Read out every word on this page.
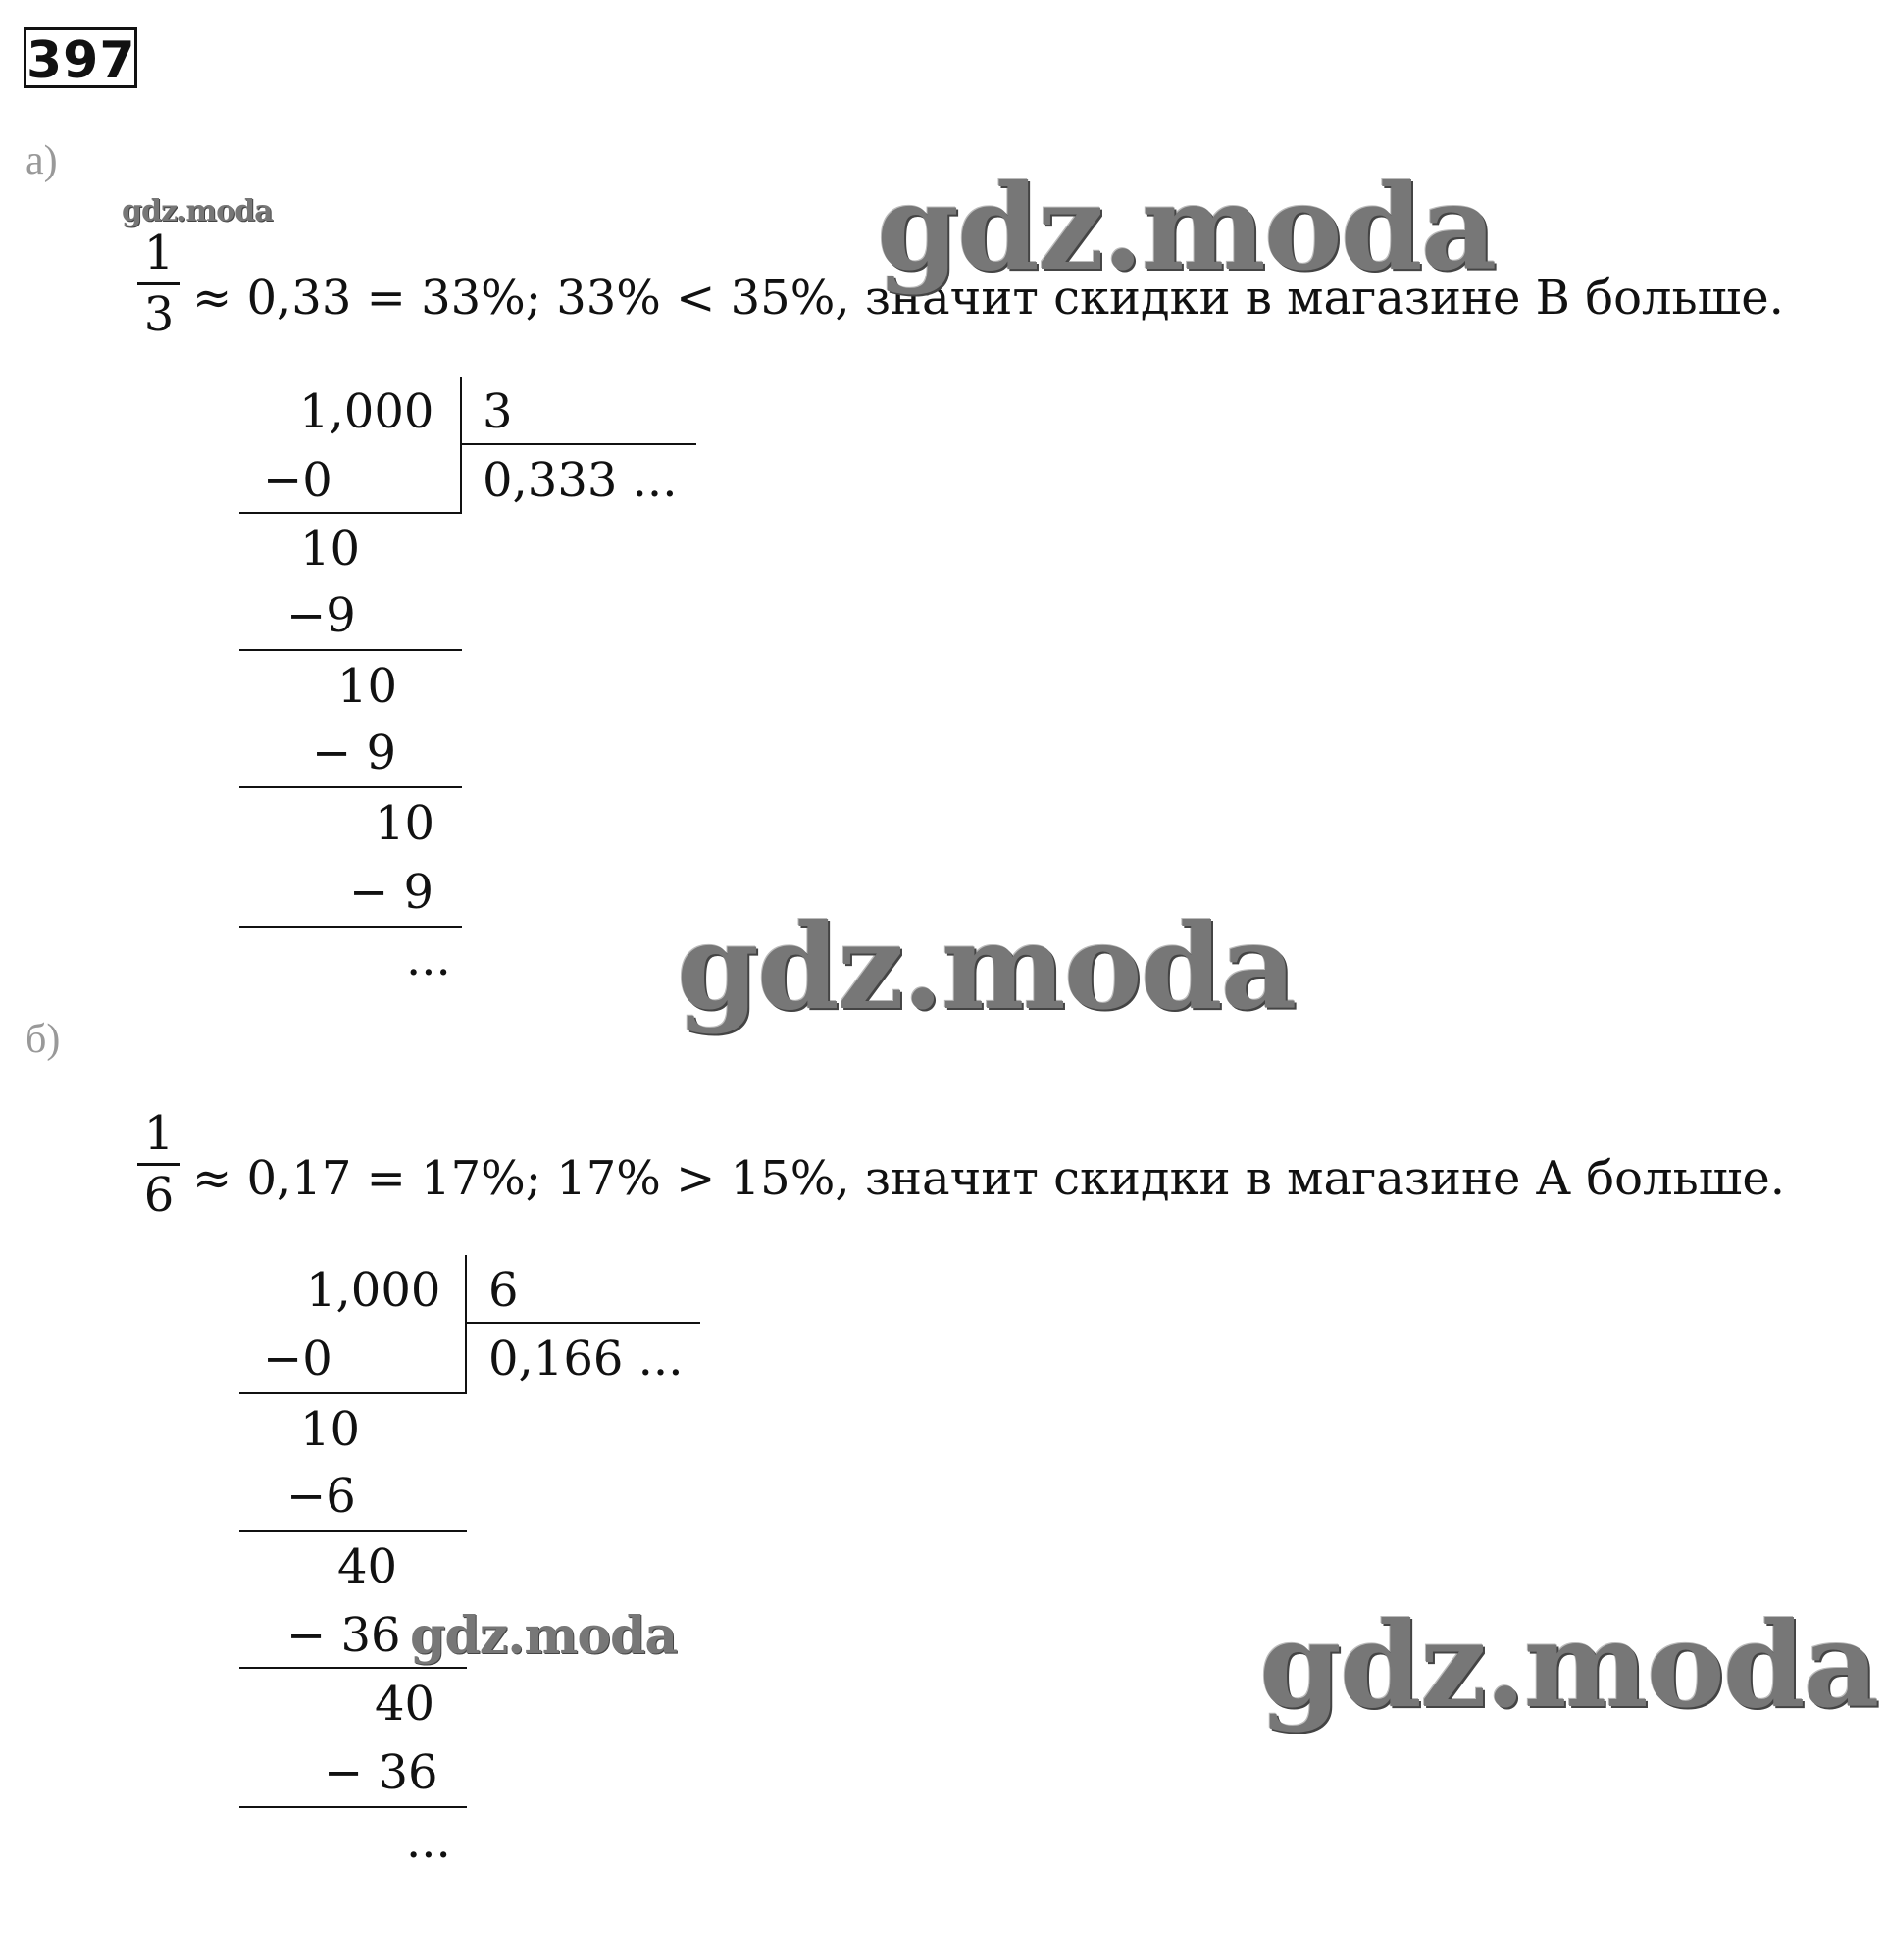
397
а)
1
3 ≈ 0,33 = 33%; 33% < 35%, значит скидки в магазине В больше.
1,000 3
0,333 ...
−0
10
−9
10
− 9
10
− 9
...
б)
1
6 ≈ 0,17 = 17%; 17% > 15%, значит скидки в магазине А больше.
1,000 6
0,166 ...
−0
10
−6
40
− 36
40
− 36
...
gdz.moda	gdz.moda
gdz.moda
gdz.moda	gdz.moda
